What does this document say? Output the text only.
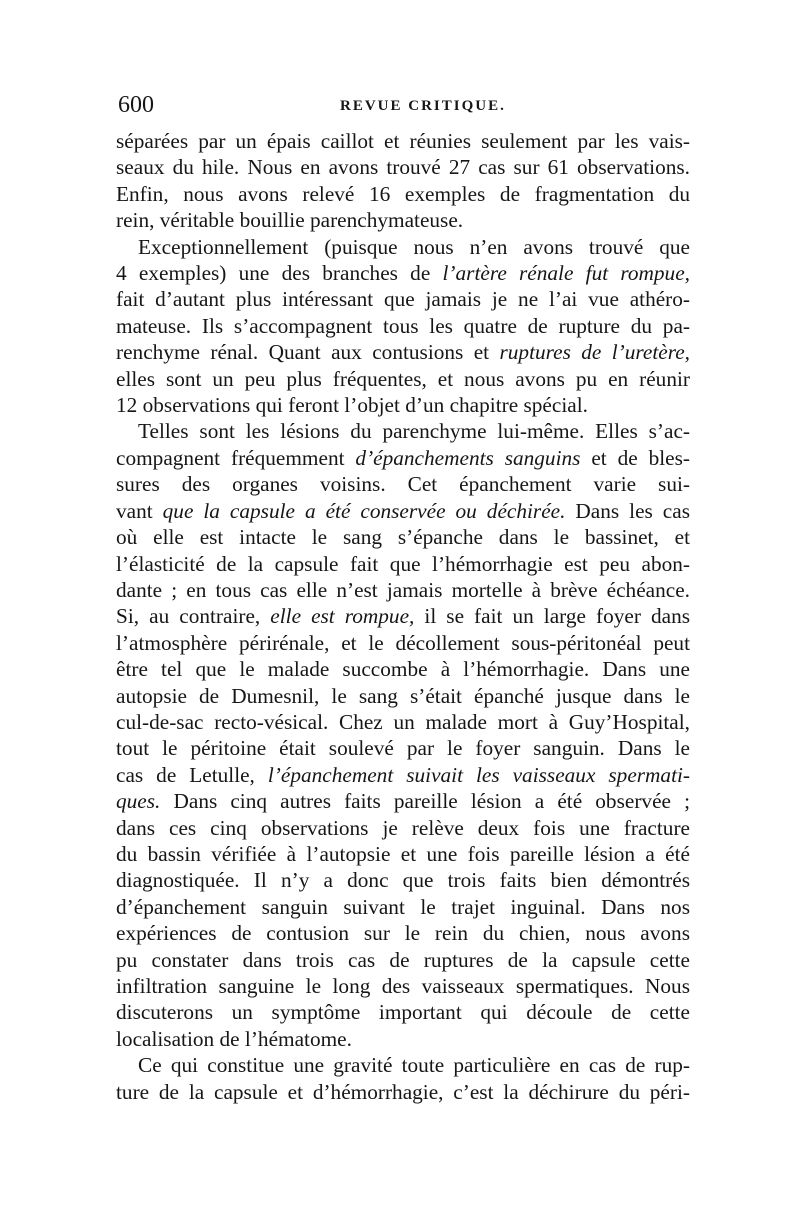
600	REVUE CRITIQUE.
séparées par un épais caillot et réunies seulement par les vais-
seaux du hile. Nous en avons trouvé 27 cas sur 61 observations.
Enfin, nous avons relevé 16 exemples de fragmentation du
rein, véritable bouillie parenchymateuse.
Exceptionnellement (puisque nous n’en avons trouvé que
4 exemples) une des branches de l’artère rénale fut rompue,
fait d’autant plus intéressant que jamais je ne l’ai vue athéro-
mateuse. Ils s’accompagnent tous les quatre de rupture du pa-
renchyme rénal. Quant aux contusions et ruptures de l’uretère,
elles sont un peu plus fréquentes, et nous avons pu en réunir
12 observations qui feront l’objet d’un chapitre spécial.
Telles sont les lésions du parenchyme lui-même. Elles s’ac-
compagnent fréquemment d’épanchements sanguins et de bles-
sures des organes voisins. Cet épanchement varie sui-
vant que la capsule a été conservée ou déchirée. Dans les cas
où elle est intacte le sang s’épanche dans le bassinet, et
l’élasticité de la capsule fait que l’hémorrhagie est peu abon-
dante ; en tous cas elle n’est jamais mortelle à brève échéance.
Si, au contraire, elle est rompue, il se fait un large foyer dans
l’atmosphère périrénale, et le décollement sous-péritonéal peut
être tel que le malade succombe à l’hémorrhagie. Dans une
autopsie de Dumesnil, le sang s’était épanché jusque dans le
cul-de-sac recto-vésical. Chez un malade mort à Guy’Hospital,
tout le péritoine était soulevé par le foyer sanguin. Dans le
cas de Letulle, l’épanchement suivait les vaisseaux spermati-
ques. Dans cinq autres faits pareille lésion a été observée ;
dans ces cinq observations je relève deux fois une fracture
du bassin vérifiée à l’autopsie et une fois pareille lésion a été
diagnostiquée. Il n’y a donc que trois faits bien démontrés
d’épanchement sanguin suivant le trajet inguinal. Dans nos
expériences de contusion sur le rein du chien, nous avons
pu constater dans trois cas de ruptures de la capsule cette
infiltration sanguine le long des vaisseaux spermatiques. Nous
discuterons un symptôme important qui découle de cette
localisation de l’hématome.
Ce qui constitue une gravité toute particulière en cas de rup-
ture de la capsule et d’hémorrhagie, c’est la déchirure du péri-
